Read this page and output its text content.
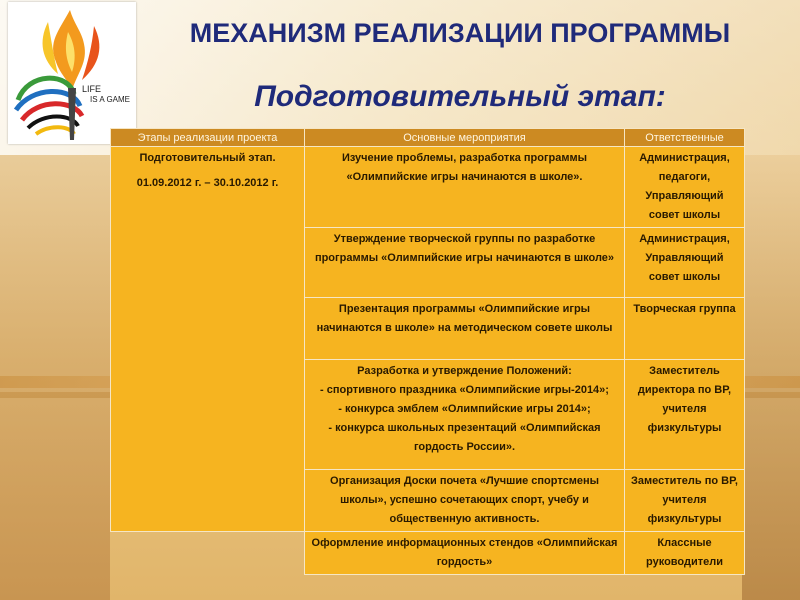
LIFE
IS A GAME
МЕХАНИЗМ РЕАЛИЗАЦИИ ПРОГРАММЫ
Подготовительный этап:
Этапы реализации проекта	Основные мероприятия	Ответственные

Подготовительный этап.
01.09.2012 г. – 30.10.2012 г.	Изучение проблемы, разработка программы «Олимпийские игры начинаются в школе».	Администрация, педагоги, Управляющий совет школы
	Утверждение творческой группы по разработке программы «Олимпийские игры начинаются в школе»	Администрация, Управляющий совет школы
	Презентация программы «Олимпийские игры начинаются в школе» на методическом совете школы	Творческая группа

	Разработка и утверждение Положений:
- спортивного праздника «Олимпийские игры-2014»;
- конкурса эмблем «Олимпийские игры 2014»;
- конкурса школьных презентаций «Олимпийская гордость России».	Заместитель директора по ВР, учителя физкультуры
	Организация Доски почета «Лучшие спортсмены школы», успешно сочетающих спорт, учебу и общественную активность.	Заместитель по ВР, учителя физкультуры
	Оформление информационных стендов «Олимпийская гордость»	Классные руководители
